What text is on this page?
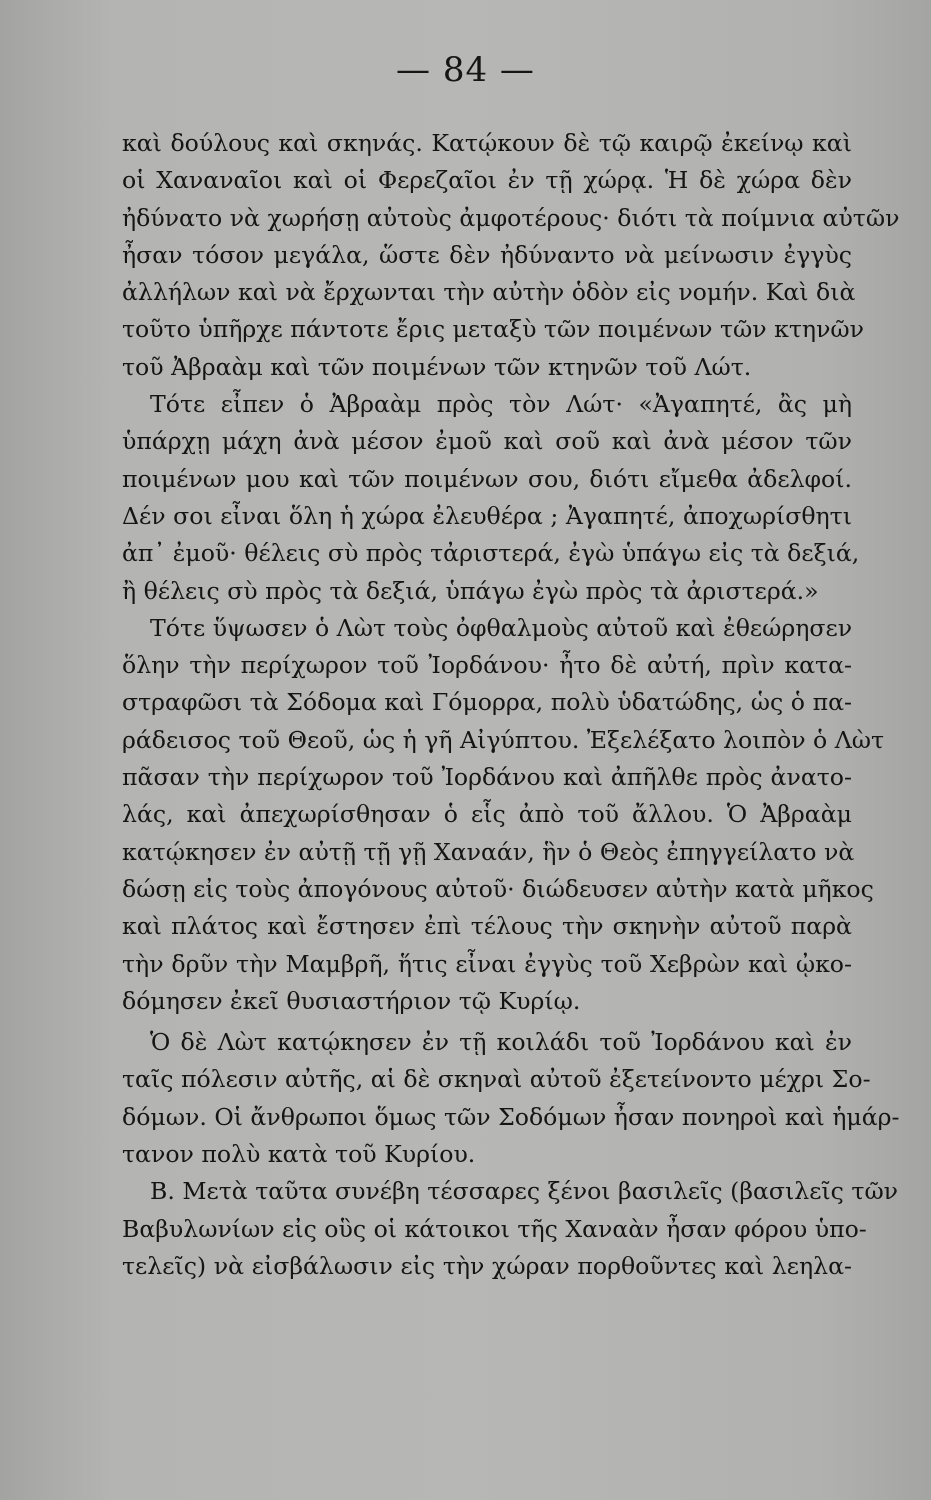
— 84 —
καὶ δούλους καὶ σκηνάς. Κατῴκουν δὲ τῷ καιρῷ ἐκείνῳ καὶ
οἱ Χαναναῖοι καὶ οἱ Φερεζαῖοι ἐν τῇ χώρᾳ. Ἡ δὲ χώρα δὲν
ἠδύνατο νὰ χωρήσῃ αὐτοὺς ἀμφοτέρους· διότι τὰ ποίμνια αὐτῶν
ἦσαν τόσον μεγάλα, ὥστε δὲν ἠδύναντο νὰ μείνωσιν ἐγγὺς
ἀλλήλων καὶ νὰ ἔρχωνται τὴν αὐτὴν ὁδὸν εἰς νομήν. Καὶ διὰ
τοῦτο ὑπῆρχε πάντοτε ἔρις μεταξὺ τῶν ποιμένων τῶν κτηνῶν
τοῦ Ἀβραὰμ καὶ τῶν ποιμένων τῶν κτηνῶν τοῦ Λώτ.
Τότε εἶπεν ὁ Ἀβραὰμ πρὸς τὸν Λώτ· «Ἀγαπητέ, ἂς μὴ
ὑπάρχῃ μάχη ἀνὰ μέσον ἐμοῦ καὶ σοῦ καὶ ἀνὰ μέσον τῶν
ποιμένων μου καὶ τῶν ποιμένων σου, διότι εἴμεθα ἀδελφοί.
Δέν σοι εἶναι ὅλη ἡ χώρα ἐλευθέρα ; Ἀγαπητέ, ἀποχωρίσθητι
ἀπ᾿ ἐμοῦ· θέλεις σὺ πρὸς τἀριστερά, ἐγὼ ὑπάγω εἰς τὰ δεξιά,
ἢ θέλεις σὺ πρὸς τὰ δεξιά, ὑπάγω ἐγὼ πρὸς τὰ ἀριστερά.»
Τότε ὕψωσεν ὁ Λὼτ τοὺς ὀφθαλμοὺς αὐτοῦ καὶ ἐθεώρησεν
ὅλην τὴν περίχωρον τοῦ Ἰορδάνου· ἦτο δὲ αὐτή, πρὶν κατα-
στραφῶσι τὰ Σόδομα καὶ Γόμορρα, πολὺ ὑδατώδης, ὡς ὁ πα-
ράδεισος τοῦ Θεοῦ, ὡς ἡ γῆ Αἰγύπτου. Ἐξελέξατο λοιπὸν ὁ Λὼτ
πᾶσαν τὴν περίχωρον τοῦ Ἰορδάνου καὶ ἀπῆλθε πρὸς ἀνατο-
λάς, καὶ ἀπεχωρίσθησαν ὁ εἷς ἀπὸ τοῦ ἄλλου. Ὁ Ἀβραὰμ
κατῴκησεν ἐν αὐτῇ τῇ γῇ Χαναάν, ἣν ὁ Θεὸς ἐπηγγείλατο νὰ
δώσῃ εἰς τοὺς ἀπογόνους αὐτοῦ· διώδευσεν αὐτὴν κατὰ μῆκος
καὶ πλάτος καὶ ἔστησεν ἐπὶ τέλους τὴν σκηνὴν αὐτοῦ παρὰ
τὴν δρῦν τὴν Μαμβρῆ, ἥτις εἶναι ἐγγὺς τοῦ Χεβρὼν καὶ ᾠκο-
δόμησεν ἐκεῖ θυσιαστήριον τῷ Κυρίῳ.
Ὁ δὲ Λὼτ κατῴκησεν ἐν τῇ κοιλάδι τοῦ Ἰορδάνου καὶ ἐν
ταῖς πόλεσιν αὐτῆς, αἱ δὲ σκηναὶ αὐτοῦ ἐξετείνοντο μέχρι Σο-
δόμων. Οἱ ἄνθρωποι ὅμως τῶν Σοδόμων ἦσαν πονηροὶ καὶ ἡμάρ-
τανον πολὺ κατὰ τοῦ Κυρίου.
Β. Μετὰ ταῦτα συνέβη τέσσαρες ξένοι βασιλεῖς (βασιλεῖς τῶν
Βαβυλωνίων εἰς οὓς οἱ κάτοικοι τῆς Χαναὰν ἦσαν φόρου ὑπο-
τελεῖς) νὰ εἰσβάλωσιν εἰς τὴν χώραν πορθοῦντες καὶ λεηλα-
